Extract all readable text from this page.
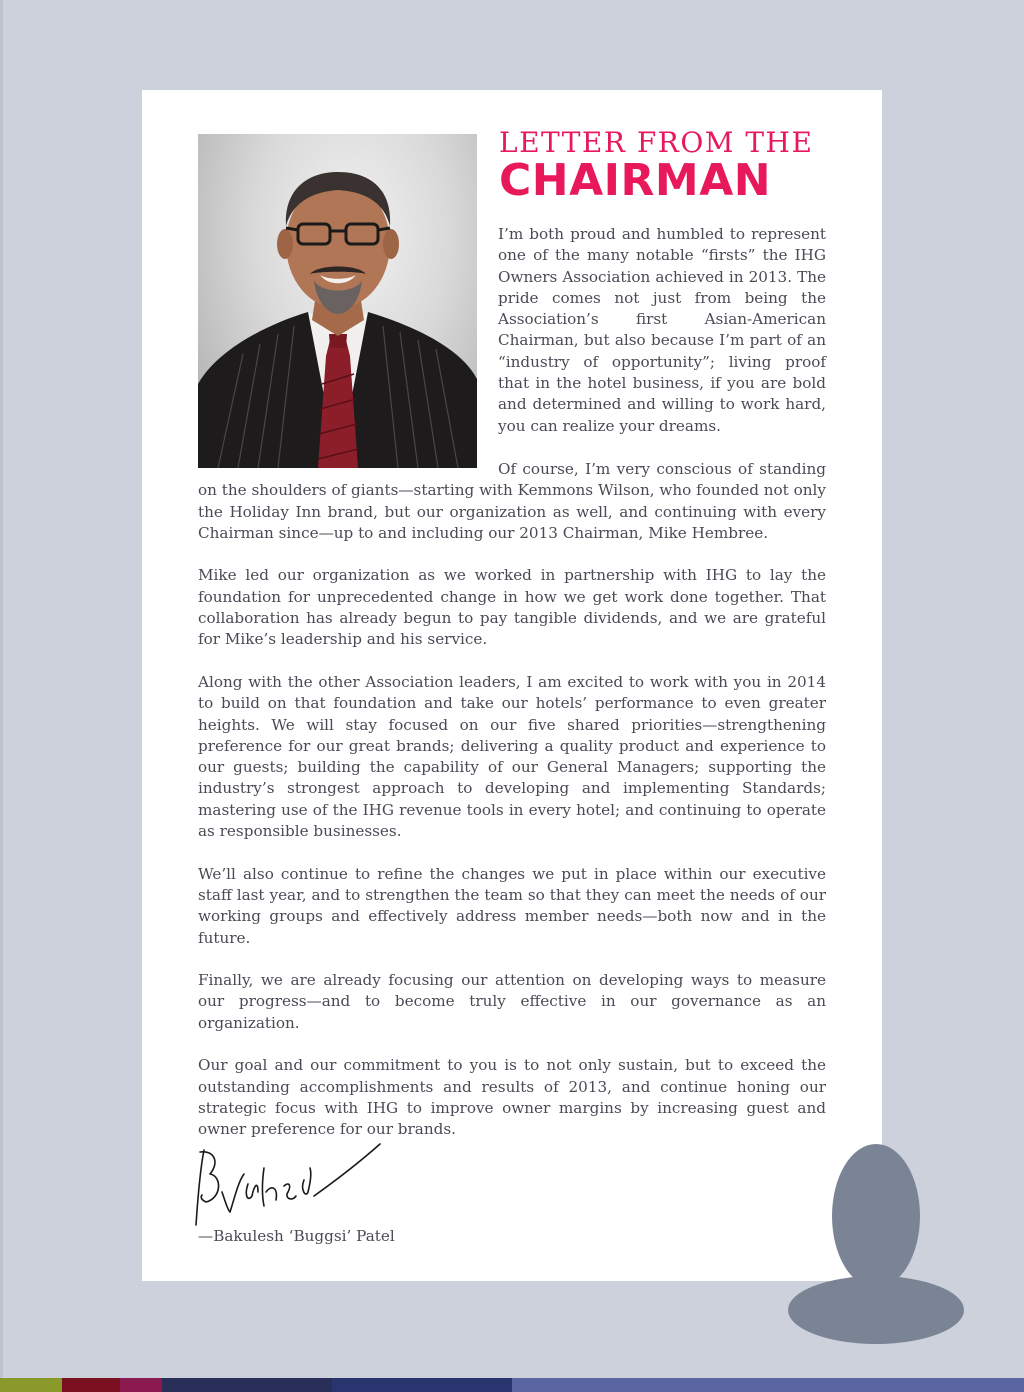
LETTER FROM THE
CHAIRMAN

I’m both proud and humbled to represent one of the many notable “firsts” the IHG Owners Association achieved in 2013. The pride comes not just from being the Association’s first Asian-American Chairman, but also because I’m part of an “industry of opportunity”; living proof that in the hotel business, if you are bold and determined and willing to work hard, you can realize your dreams.

Of course, I’m very conscious of standing on the shoulders of giants—starting with Kemmons Wilson, who founded not only the Holiday Inn brand, but our organization as well, and continuing with every Chairman since—up to and including our 2013 Chairman, Mike Hembree.

Mike led our organization as we worked in partnership with IHG to lay the foundation for unprecedented change in how we get work done together. That collaboration has already begun to pay tangible dividends, and we are grateful for Mike’s leadership and his service.

Along with the other Association leaders, I am excited to work with you in 2014 to build on that foundation and take our hotels’ performance to even greater heights. We will stay focused on our five shared priorities—strengthening preference for our great brands; delivering a quality product and experience to our guests; building the capability of our General Managers; supporting the industry’s strongest approach to developing and implementing Standards; mastering use of the IHG revenue tools in every hotel; and continuing to operate as responsible businesses.

We’ll also continue to refine the changes we put in place within our executive staff last year, and to strengthen the team so that they can meet the needs of our working groups and effectively address member needs—both now and in the future.

Finally, we are already focusing our attention on developing ways to measure our progress—and to become truly effective in our governance as an organization.

Our goal and our commitment to you is to not only sustain, but to exceed the outstanding accomplishments and results of 2013, and continue honing our strategic focus with IHG to improve owner margins by increasing guest and owner preference for our brands.

—Bakulesh ‘Buggsi’ Patel
